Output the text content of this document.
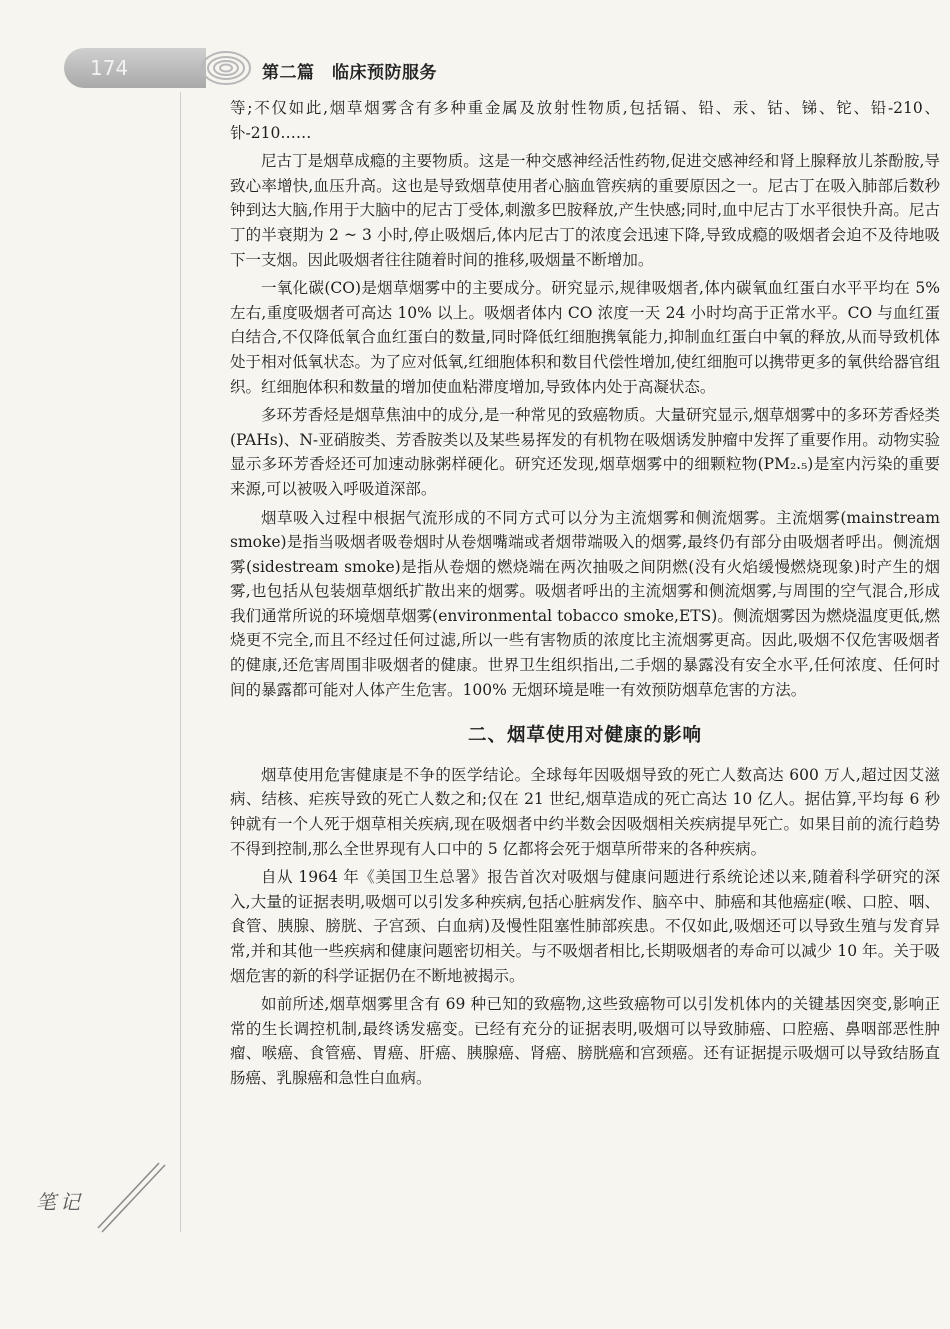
174	第二篇　临床预防服务

等;不仅如此,烟草烟雾含有多种重金属及放射性物质,包括镉、铅、汞、钴、锑、铊、铅-210、钋-210……

尼古丁是烟草成瘾的主要物质。这是一种交感神经活性药物,促进交感神经和肾上腺释放儿茶酚胺,导致心率增快,血压升高。这也是导致烟草使用者心脑血管疾病的重要原因之一。尼古丁在吸入肺部后数秒钟到达大脑,作用于大脑中的尼古丁受体,刺激多巴胺释放,产生快感;同时,血中尼古丁水平很快升高。尼古丁的半衰期为 2 ~ 3 小时,停止吸烟后,体内尼古丁的浓度会迅速下降,导致成瘾的吸烟者会迫不及待地吸下一支烟。因此吸烟者往往随着时间的推移,吸烟量不断增加。

一氧化碳(CO)是烟草烟雾中的主要成分。研究显示,规律吸烟者,体内碳氧血红蛋白水平平均在 5% 左右,重度吸烟者可高达 10% 以上。吸烟者体内 CO 浓度一天 24 小时均高于正常水平。CO 与血红蛋白结合,不仅降低氧合血红蛋白的数量,同时降低红细胞携氧能力,抑制血红蛋白中氧的释放,从而导致机体处于相对低氧状态。为了应对低氧,红细胞体积和数目代偿性增加,使红细胞可以携带更多的氧供给器官组织。红细胞体积和数量的增加使血粘滞度增加,导致体内处于高凝状态。

多环芳香烃是烟草焦油中的成分,是一种常见的致癌物质。大量研究显示,烟草烟雾中的多环芳香烃类(PAHs)、N-亚硝胺类、芳香胺类以及某些易挥发的有机物在吸烟诱发肿瘤中发挥了重要作用。动物实验显示多环芳香烃还可加速动脉粥样硬化。研究还发现,烟草烟雾中的细颗粒物(PM₂.₅)是室内污染的重要来源,可以被吸入呼吸道深部。

烟草吸入过程中根据气流形成的不同方式可以分为主流烟雾和侧流烟雾。主流烟雾(mainstream smoke)是指当吸烟者吸卷烟时从卷烟嘴端或者烟带端吸入的烟雾,最终仍有部分由吸烟者呼出。侧流烟雾(sidestream smoke)是指从卷烟的燃烧端在两次抽吸之间阴燃(没有火焰缓慢燃烧现象)时产生的烟雾,也包括从包装烟草烟纸扩散出来的烟雾。吸烟者呼出的主流烟雾和侧流烟雾,与周围的空气混合,形成我们通常所说的环境烟草烟雾(environmental tobacco smoke,ETS)。侧流烟雾因为燃烧温度更低,燃烧更不完全,而且不经过任何过滤,所以一些有害物质的浓度比主流烟雾更高。因此,吸烟不仅危害吸烟者的健康,还危害周围非吸烟者的健康。世界卫生组织指出,二手烟的暴露没有安全水平,任何浓度、任何时间的暴露都可能对人体产生危害。100% 无烟环境是唯一有效预防烟草危害的方法。

二、烟草使用对健康的影响

烟草使用危害健康是不争的医学结论。全球每年因吸烟导致的死亡人数高达 600 万人,超过因艾滋病、结核、疟疾导致的死亡人数之和;仅在 21 世纪,烟草造成的死亡高达 10 亿人。据估算,平均每 6 秒钟就有一个人死于烟草相关疾病,现在吸烟者中约半数会因吸烟相关疾病提早死亡。如果目前的流行趋势不得到控制,那么全世界现有人口中的 5 亿都将会死于烟草所带来的各种疾病。

自从 1964 年《美国卫生总署》报告首次对吸烟与健康问题进行系统论述以来,随着科学研究的深入,大量的证据表明,吸烟可以引发多种疾病,包括心脏病发作、脑卒中、肺癌和其他癌症(喉、口腔、咽、食管、胰腺、膀胱、子宫颈、白血病)及慢性阻塞性肺部疾患。不仅如此,吸烟还可以导致生殖与发育异常,并和其他一些疾病和健康问题密切相关。与不吸烟者相比,长期吸烟者的寿命可以减少 10 年。关于吸烟危害的新的科学证据仍在不断地被揭示。

如前所述,烟草烟雾里含有 69 种已知的致癌物,这些致癌物可以引发机体内的关键基因突变,影响正常的生长调控机制,最终诱发癌变。已经有充分的证据表明,吸烟可以导致肺癌、口腔癌、鼻咽部恶性肿瘤、喉癌、食管癌、胃癌、肝癌、胰腺癌、肾癌、膀胱癌和宫颈癌。还有证据提示吸烟可以导致结肠直肠癌、乳腺癌和急性白血病。

笔记
